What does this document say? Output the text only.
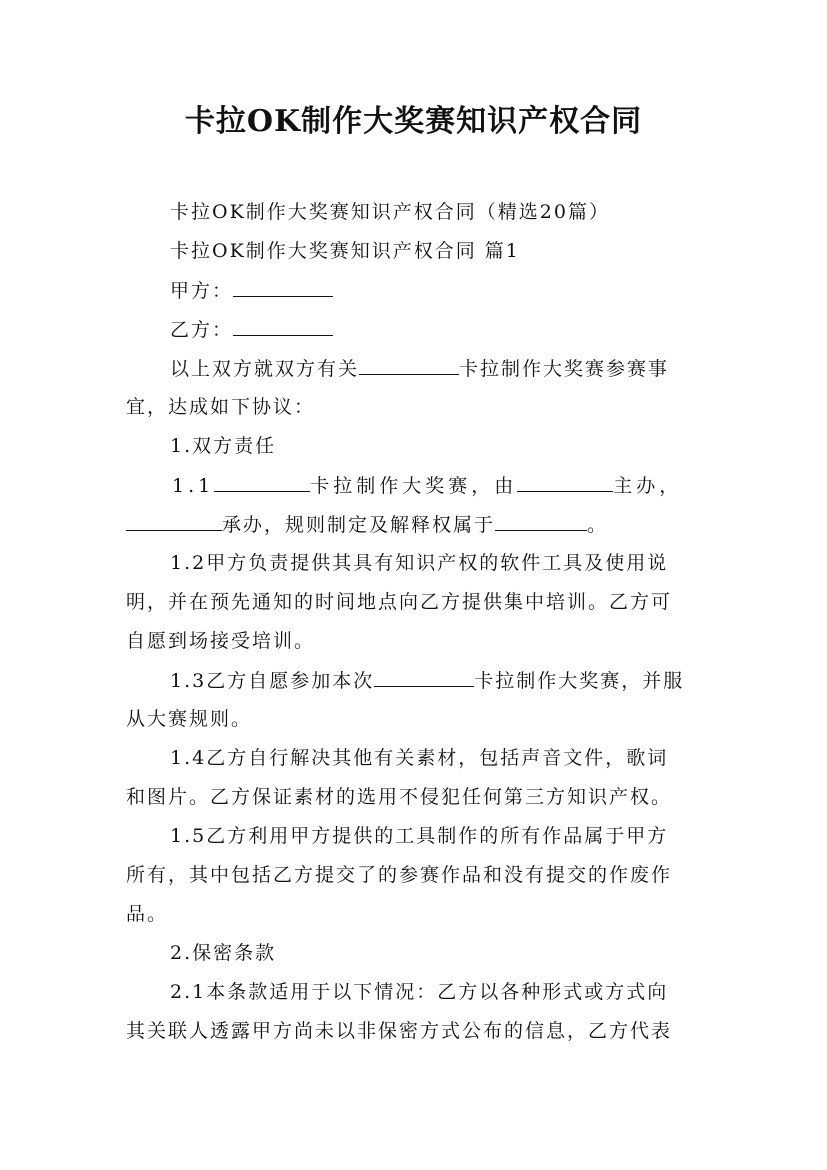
卡拉OK制作大奖赛知识产权合同
卡拉OK制作大奖赛知识产权合同（精选20篇）
卡拉OK制作大奖赛知识产权合同 篇1
甲方：
乙方：
以上双方就双方有关	卡拉制作大奖赛参赛事
宜，达成如下协议：
1.双方责任
1.1	卡拉制作大奖赛，由	主办，
承办，规则制定及解释权属于	。
1.2甲方负责提供其具有知识产权的软件工具及使用说
明，并在预先通知的时间地点向乙方提供集中培训。乙方可
自愿到场接受培训。
1.3乙方自愿参加本次	卡拉制作大奖赛，并服
从大赛规则。
1.4乙方自行解决其他有关素材，包括声音文件，歌词
和图片。乙方保证素材的选用不侵犯任何第三方知识产权。
1.5乙方利用甲方提供的工具制作的所有作品属于甲方
所有，其中包括乙方提交了的参赛作品和没有提交的作废作
品。
2.保密条款
2.1本条款适用于以下情况：乙方以各种形式或方式向
其关联人透露甲方尚未以非保密方式公布的信息，乙方代表
